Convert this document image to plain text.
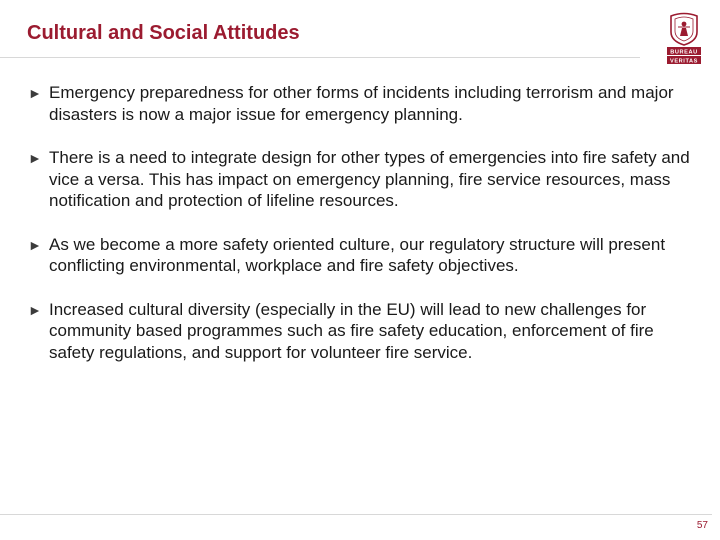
Cultural and Social Attitudes
BUREAU
VERITAS
► Emergency preparedness for other forms of incidents including terrorism and major disasters is now a major issue for emergency planning.
► There is a need to integrate design for other types of emergencies into fire safety and vice a versa. This has impact on emergency planning, fire service resources, mass notification and protection of lifeline resources.
► As we become a more safety oriented culture, our regulatory structure will present conflicting environmental, workplace and fire safety objectives.
► Increased cultural diversity (especially in the EU) will lead to new challenges for community based programmes such as fire safety education, enforcement of fire safety regulations, and support for volunteer fire service.
57
